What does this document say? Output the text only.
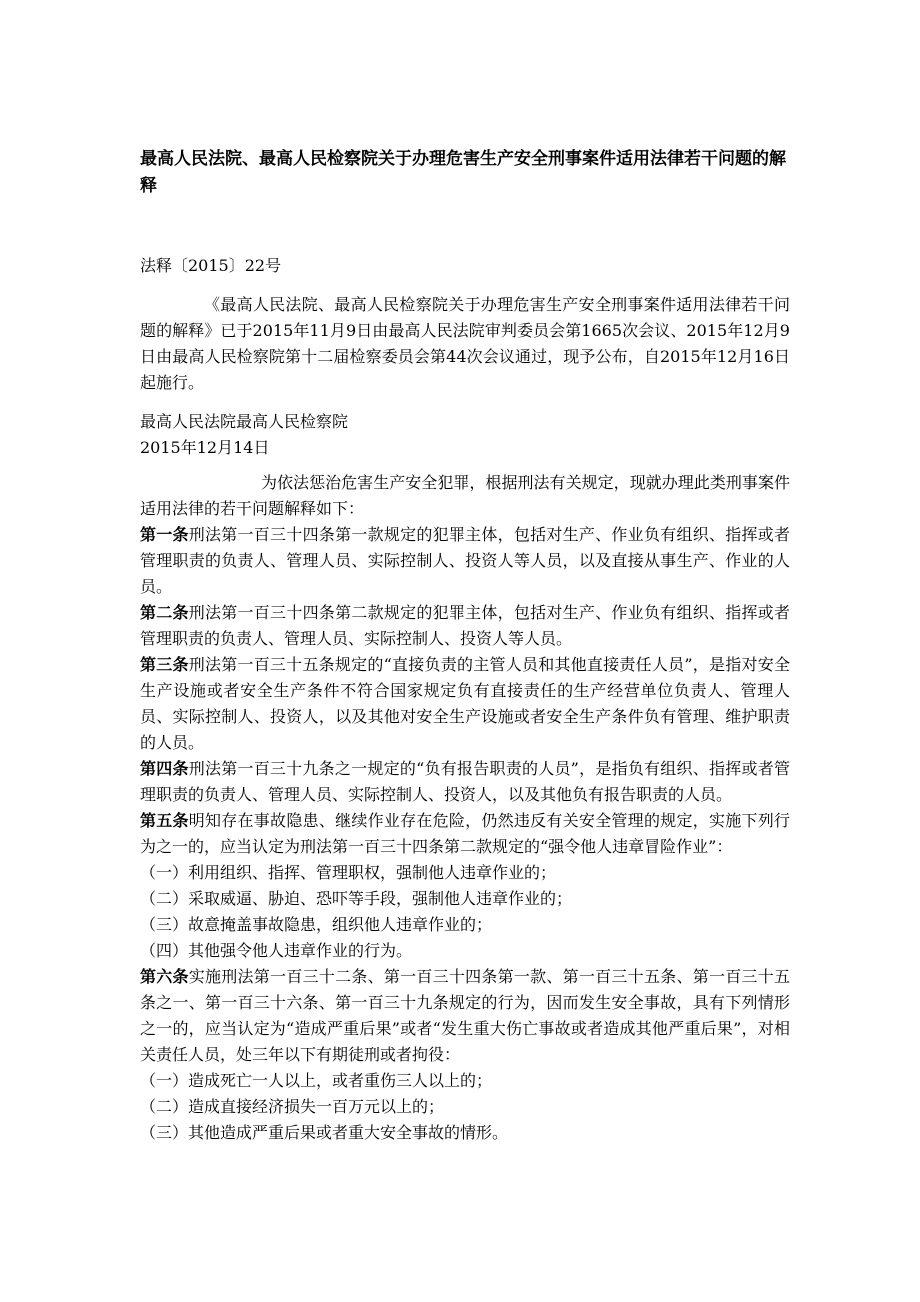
最高人民法院、最高人民检察院关于办理危害生产安全刑事案件适用法律若干问题的解释
法释〔2015〕22号

《最高人民法院、最高人民检察院关于办理危害生产安全刑事案件适用法律若干问题的解释》已于2015年11月9日由最高人民法院审判委员会第1665次会议、2015年12月9日由最高人民检察院第十二届检察委员会第44次会议通过，现予公布，自2015年12月16日起施行。

最高人民法院最高人民检察院
2015年12月14日

为依法惩治危害生产安全犯罪，根据刑法有关规定，现就办理此类刑事案件适用法律的若干问题解释如下：

第一条刑法第一百三十四条第一款规定的犯罪主体，包括对生产、作业负有组织、指挥或者管理职责的负责人、管理人员、实际控制人、投资人等人员，以及直接从事生产、作业的人员。

第二条刑法第一百三十四条第二款规定的犯罪主体，包括对生产、作业负有组织、指挥或者管理职责的负责人、管理人员、实际控制人、投资人等人员。

第三条刑法第一百三十五条规定的“直接负责的主管人员和其他直接责任人员”，是指对安全生产设施或者安全生产条件不符合国家规定负有直接责任的生产经营单位负责人、管理人员、实际控制人、投资人，以及其他对安全生产设施或者安全生产条件负有管理、维护职责的人员。

第四条刑法第一百三十九条之一规定的“负有报告职责的人员”，是指负有组织、指挥或者管理职责的负责人、管理人员、实际控制人、投资人，以及其他负有报告职责的人员。

第五条明知存在事故隐患、继续作业存在危险，仍然违反有关安全管理的规定，实施下列行为之一的，应当认定为刑法第一百三十四条第二款规定的“强令他人违章冒险作业”：

（一）利用组织、指挥、管理职权，强制他人违章作业的；
（二）采取威逼、胁迫、恐吓等手段，强制他人违章作业的；
（三）故意掩盖事故隐患，组织他人违章作业的；
（四）其他强令他人违章作业的行为。

第六条实施刑法第一百三十二条、第一百三十四条第一款、第一百三十五条、第一百三十五条之一、第一百三十六条、第一百三十九条规定的行为，因而发生安全事故，具有下列情形之一的，应当认定为“造成严重后果”或者“发生重大伤亡事故或者造成其他严重后果”，对相关责任人员，处三年以下有期徒刑或者拘役：

（一）造成死亡一人以上，或者重伤三人以上的；
（二）造成直接经济损失一百万元以上的；
（三）其他造成严重后果或者重大安全事故的情形。
